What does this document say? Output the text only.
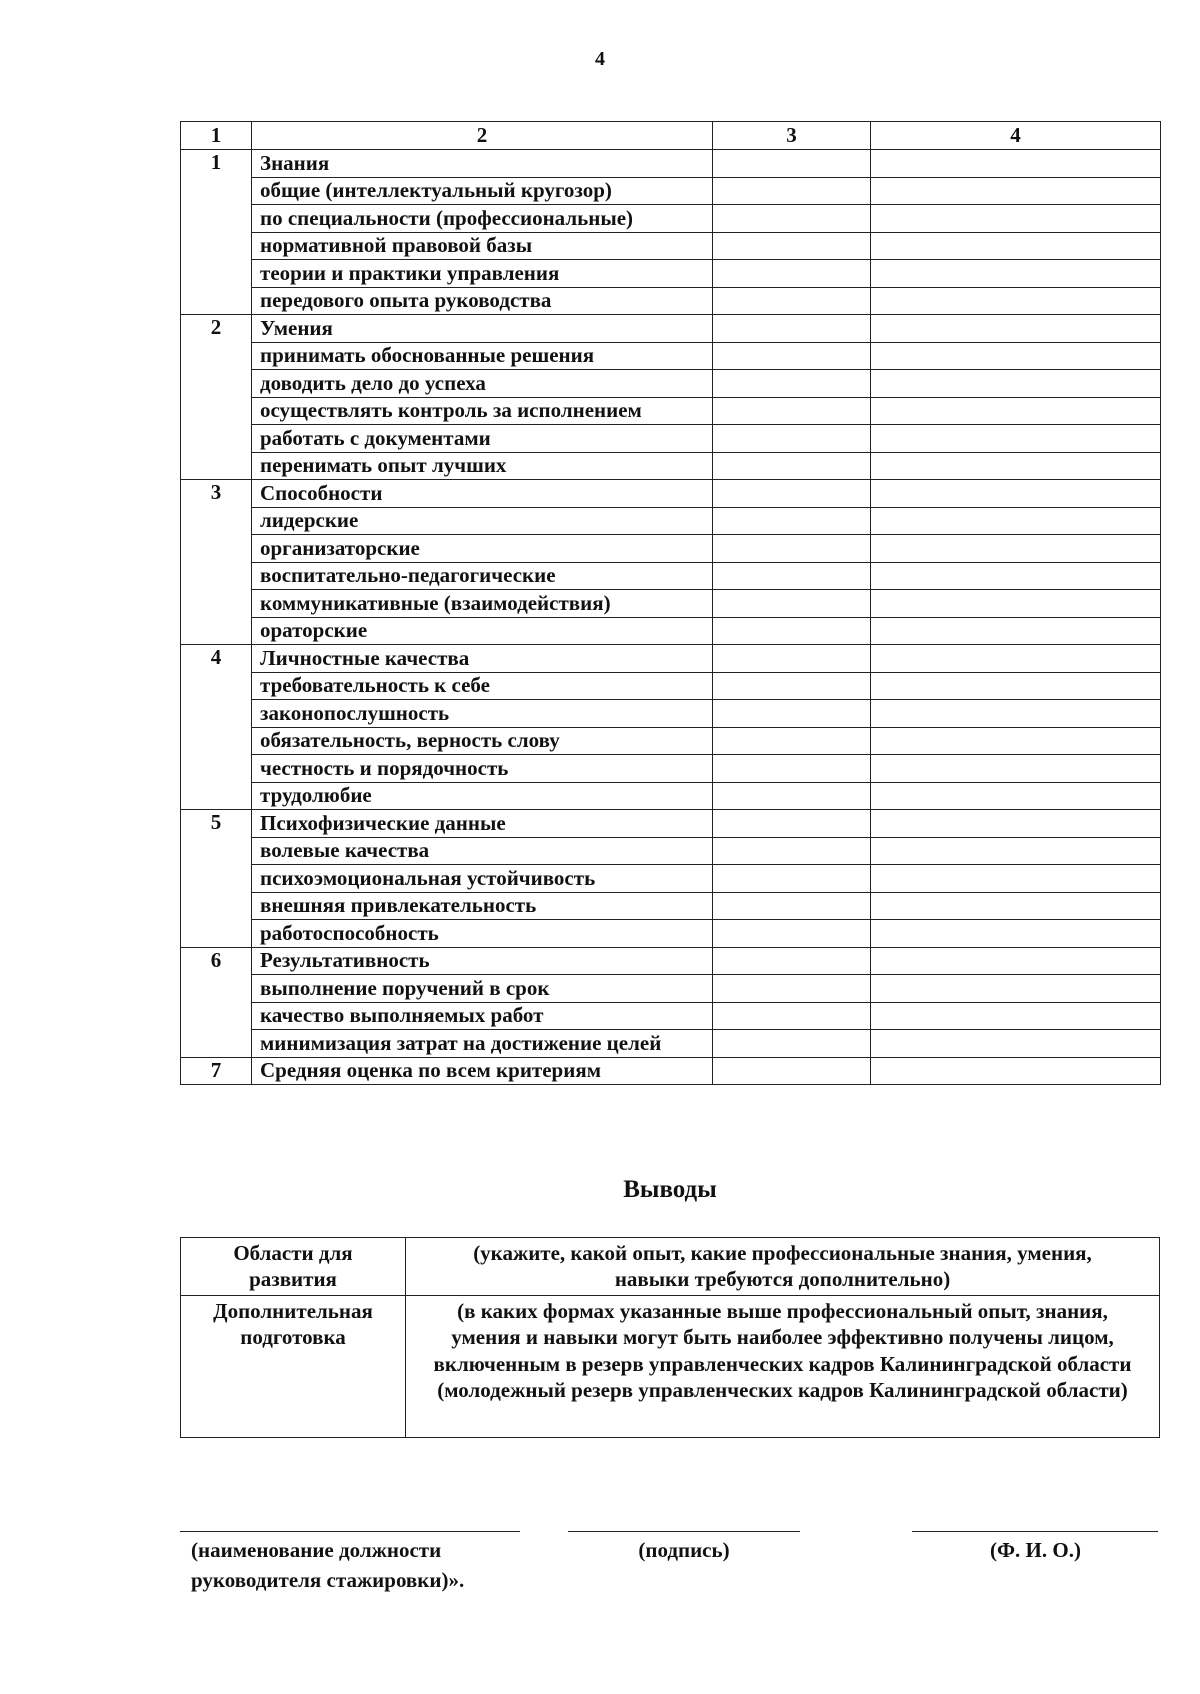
4
1	2	3	4
1	Знания		
	общие (интеллектуальный кругозор)		
	по специальности (профессиональные)		
	нормативной правовой базы		
	теории и практики управления		
	передового опыта руководства		
2	Умения		
	принимать обоснованные решения		
	доводить дело до успеха		
	осуществлять контроль за исполнением		
	работать с документами		
	перенимать опыт лучших		
3	Способности		
	лидерские		
	организаторские		
	воспитательно-педагогические		
	коммуникативные (взаимодействия)		
	ораторские		
4	Личностные качества		
	требовательность к себе		
	законопослушность		
	обязательность, верность слову		
	честность и порядочность		
	трудолюбие		
5	Психофизические данные		
	волевые качества		
	психоэмоциональная устойчивость		
	внешняя привлекательность		
	работоспособность		
6	Результативность		
	выполнение поручений в срок		
	качество выполняемых работ		
	минимизация затрат на достижение целей		
7	Средняя оценка по всем критериям		
Выводы
Области для развития	(укажите, какой опыт, какие профессиональные знания, умения, навыки требуются дополнительно)
Дополнительная подготовка	(в каких формах указанные выше профессиональный опыт, знания, умения и навыки могут быть наиболее эффективно получены лицом, включенным в резерв управленческих кадров Калининградской области (молодежный резерв управленческих кадров Калининградской области)
(наименование должности руководителя стажировки)».
(подпись)	(Ф. И. О.)
